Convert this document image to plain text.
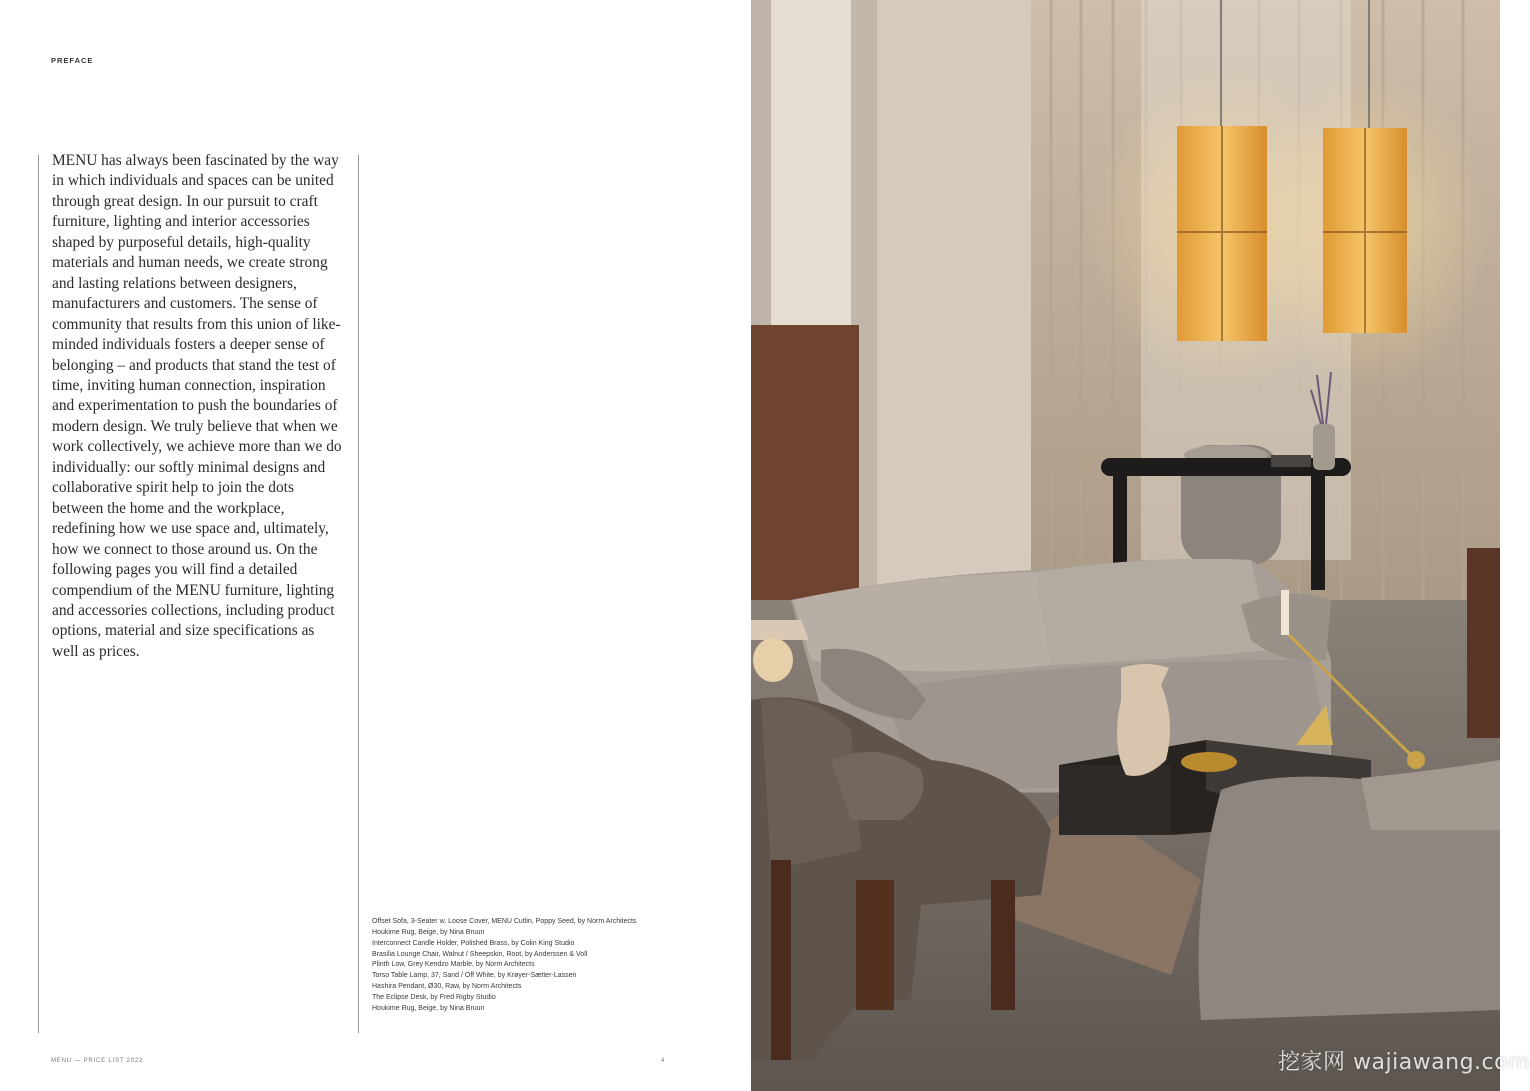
PREFACE

MENU has always been fascinated by the way in which individuals and spaces can be united through great design. In our pursuit to craft furniture, lighting and interior accessories shaped by purposeful details, high-quality materials and human needs, we create strong and lasting relations between designers, manufacturers and customers. The sense of community that results from this union of like-minded individuals fosters a deeper sense of belonging – and products that stand the test of time, inviting human connection, inspiration and experimentation to push the boundaries of modern design. We truly believe that when we work collectively, we achieve more than we do individually: our softly minimal designs and collaborative spirit help to join the dots between the home and the workplace, redefining how we use space and, ultimately, how we connect to those around us. On the following pages you will find a detailed compendium of the MENU furniture, lighting and accessories collections, including product options, material and size specifications as well as prices.

Offset Sofa, 3-Seater w. Loose Cover, MENU Cutlin, Poppy Seed, by Norm Architects
Houkime Rug, Beige, by Nina Bruun
Interconnect Candle Holder, Polished Brass, by Colin King Studio
Brasilia Lounge Chair, Walnut / Sheepskin, Root, by Anderssen & Voll
Plinth Low, Grey Kendzo Marble, by Norm Architects
Torso Table Lamp, 37, Sand / Off White, by Krøyer-Sætter-Lassen
Hashira Pendant, Ø30, Raw, by Norm Architects
The Eclipse Desk, by Fred Rigby Studio
Houkime Rug, Beige, by Nina Bruun
MENU — PRICE LIST 2022	4	挖家网 wajiawang.com
